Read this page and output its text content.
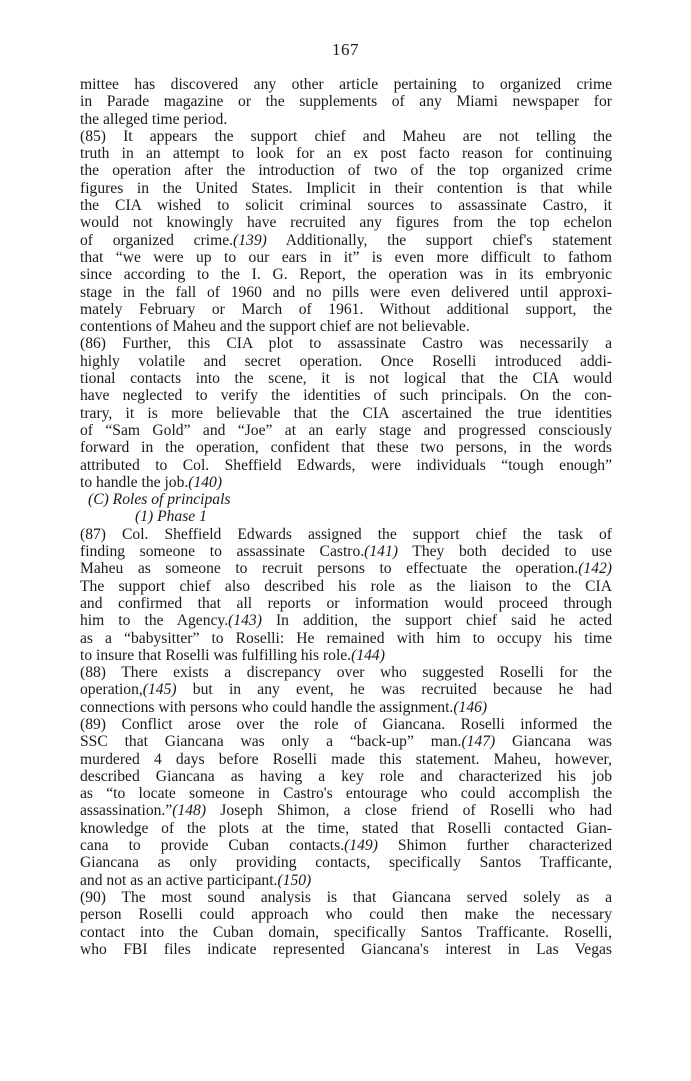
167
mittee has discovered any other article pertaining to organized crime
in Parade magazine or the supplements of any Miami newspaper for
the alleged time period.
(85) It appears the support chief and Maheu are not telling the
truth in an attempt to look for an ex post facto reason for continuing
the operation after the introduction of two of the top organized crime
figures in the United States. Implicit in their contention is that while
the CIA wished to solicit criminal sources to assassinate Castro, it
would not knowingly have recruited any figures from the top echelon
of organized crime.(139) Additionally, the support chief's statement
that “we were up to our ears in it” is even more difficult to fathom
since according to the I. G. Report, the operation was in its embryonic
stage in the fall of 1960 and no pills were even delivered until approxi-
mately February or March of 1961. Without additional support, the
contentions of Maheu and the support chief are not believable.
(86) Further, this CIA plot to assassinate Castro was necessarily a
highly volatile and secret operation. Once Roselli introduced addi-
tional contacts into the scene, it is not logical that the CIA would
have neglected to verify the identities of such principals. On the con-
trary, it is more believable that the CIA ascertained the true identities
of “Sam Gold” and “Joe” at an early stage and progressed consciously
forward in the operation, confident that these two persons, in the words
attributed to Col. Sheffield Edwards, were individuals “tough enough”
to handle the job.(140)
(C) Roles of principals
(1) Phase 1
(87) Col. Sheffield Edwards assigned the support chief the task of
finding someone to assassinate Castro.(141) They both decided to use
Maheu as someone to recruit persons to effectuate the operation.(142)
The support chief also described his role as the liaison to the CIA
and confirmed that all reports or information would proceed through
him to the Agency.(143) In addition, the support chief said he acted
as a “babysitter” to Roselli: He remained with him to occupy his time
to insure that Roselli was fulfilling his role.(144)
(88) There exists a discrepancy over who suggested Roselli for the
operation,(145) but in any event, he was recruited because he had
connections with persons who could handle the assignment.(146)
(89) Conflict arose over the role of Giancana. Roselli informed the
SSC that Giancana was only a “back-up” man.(147) Giancana was
murdered 4 days before Roselli made this statement. Maheu, however,
described Giancana as having a key role and characterized his job
as “to locate someone in Castro's entourage who could accomplish the
assassination.”(148) Joseph Shimon, a close friend of Roselli who had
knowledge of the plots at the time, stated that Roselli contacted Gian-
cana to provide Cuban contacts.(149) Shimon further characterized
Giancana as only providing contacts, specifically Santos Trafficante,
and not as an active participant.(150)
(90) The most sound analysis is that Giancana served solely as a
person Roselli could approach who could then make the necessary
contact into the Cuban domain, specifically Santos Trafficante. Roselli,
who FBI files indicate represented Giancana's interest in Las Vegas
